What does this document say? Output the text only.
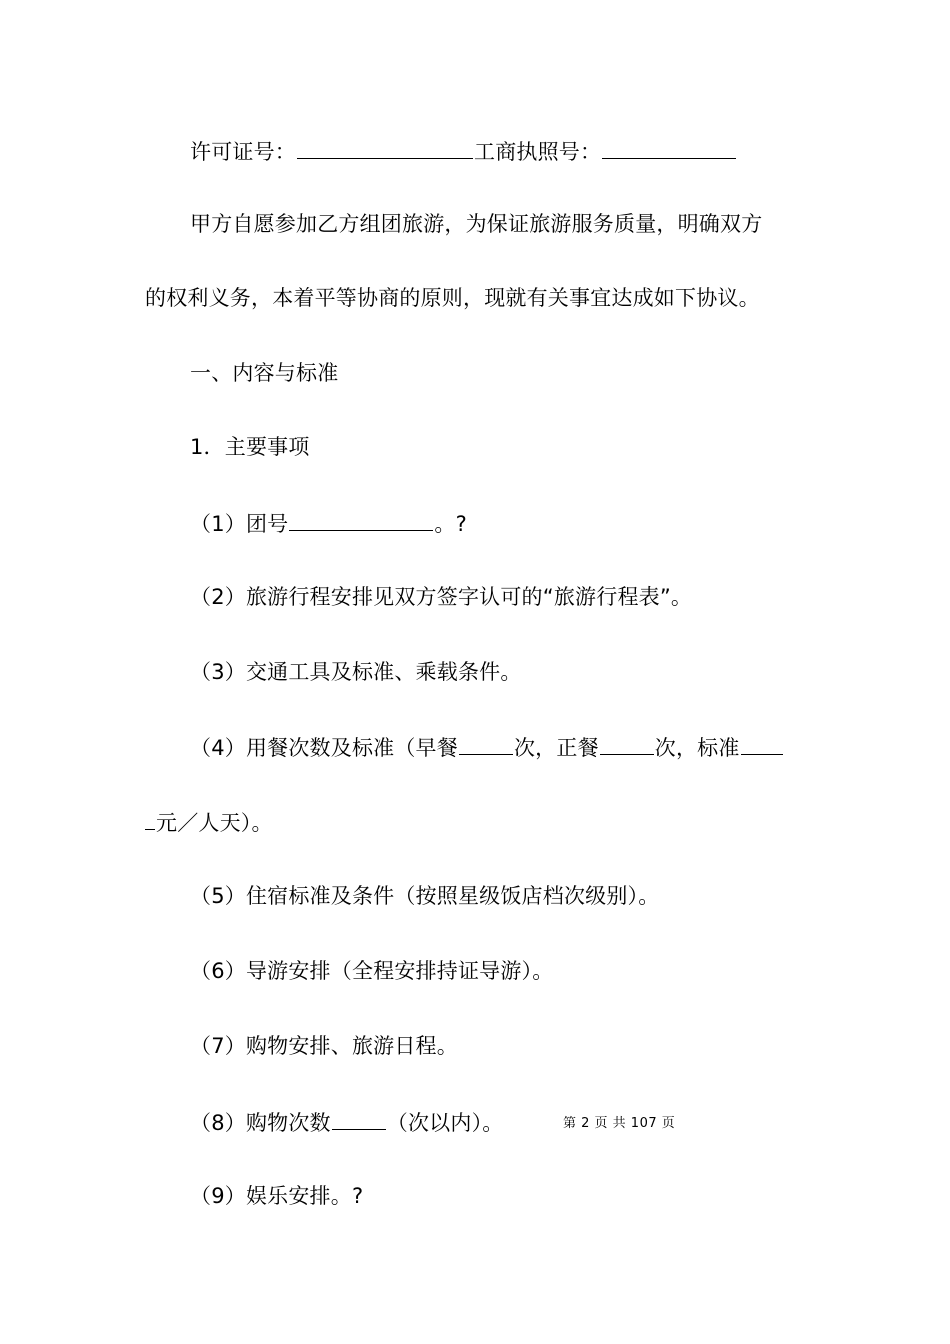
许可证号：	工商执照号：
甲方自愿参加乙方组团旅游，为保证旅游服务质量，明确双方
的权利义务，本着平等协商的原则，现就有关事宜达成如下协议。
一、内容与标准
1．主要事项
（1）团号	。?
（2）旅游行程安排见双方签字认可的“旅游行程表”。
（3）交通工具及标准、乘载条件。
（4）用餐次数及标准（早餐	次，正餐	次，标准
元／人天）。
（5）住宿标准及条件（按照星级饭店档次级别）。
（6）导游安排（全程安排持证导游）。
（7）购物安排、旅游日程。
（8）购物次数	（次以内）。	第 2 页 共 107 页
（9）娱乐安排。?
